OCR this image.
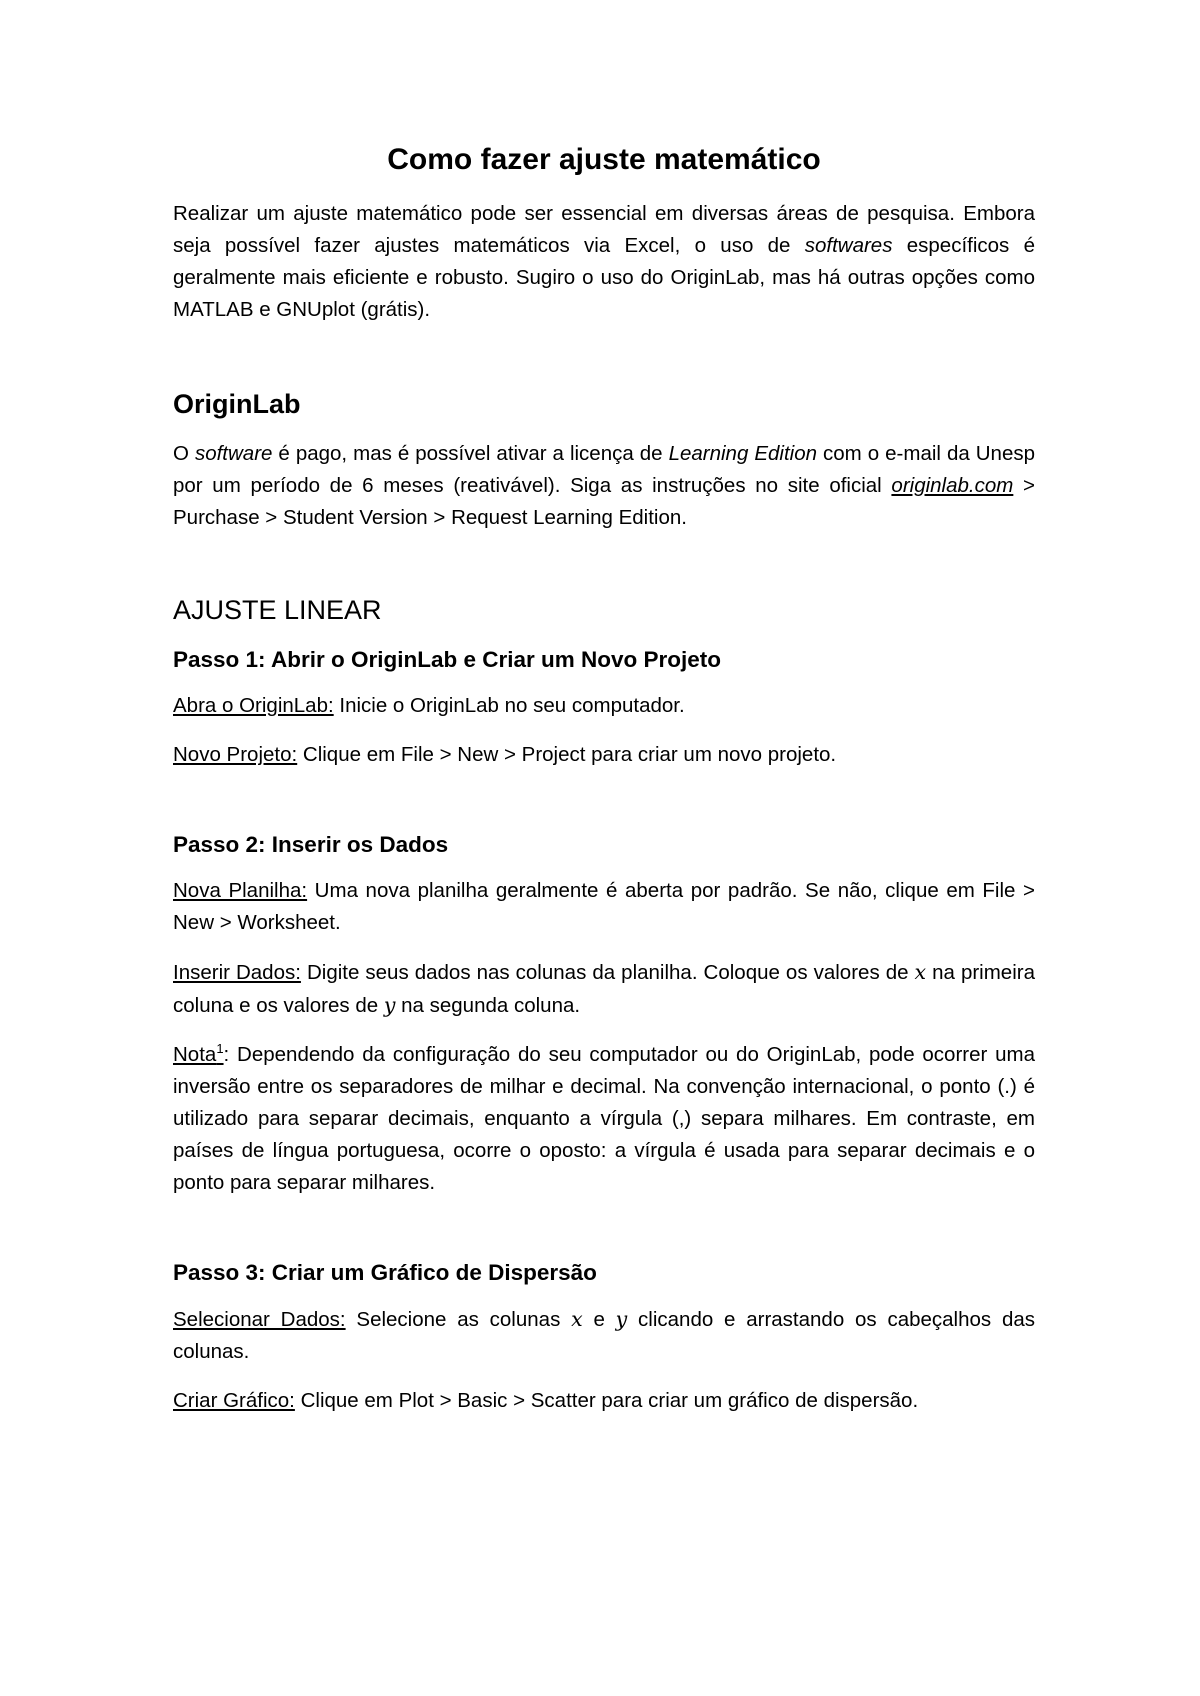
Como fazer ajuste matemático

Realizar um ajuste matemático pode ser essencial em diversas áreas de pesquisa. Embora seja possível fazer ajustes matemáticos via Excel, o uso de softwares específicos é geralmente mais eficiente e robusto. Sugiro o uso do OriginLab, mas há outras opções como MATLAB e GNUplot (grátis).

OriginLab

O software é pago, mas é possível ativar a licença de Learning Edition com o e-mail da Unesp por um período de 6 meses (reativável). Siga as instruções no site oficial originlab.com > Purchase > Student Version > Request Learning Edition.

AJUSTE LINEAR
Passo 1: Abrir o OriginLab e Criar um Novo Projeto

Abra o OriginLab: Inicie o OriginLab no seu computador.

Novo Projeto: Clique em File > New > Project para criar um novo projeto.

Passo 2: Inserir os Dados

Nova Planilha: Uma nova planilha geralmente é aberta por padrão. Se não, clique em File > New > Worksheet.

Inserir Dados: Digite seus dados nas colunas da planilha. Coloque os valores de x na primeira coluna e os valores de y na segunda coluna.

Nota$^1$: Dependendo da configuração do seu computador ou do OriginLab, pode ocorrer uma inversão entre os separadores de milhar e decimal. Na convenção internacional, o ponto (.) é utilizado para separar decimais, enquanto a vírgula (,) separa milhares. Em contraste, em países de língua portuguesa, ocorre o oposto: a vírgula é usada para separar decimais e o ponto para separar milhares.

Passo 3: Criar um Gráfico de Dispersão

Selecionar Dados: Selecione as colunas x e y clicando e arrastando os cabeçalhos das colunas.

Criar Gráfico: Clique em Plot > Basic > Scatter para criar um gráfico de dispersão.
